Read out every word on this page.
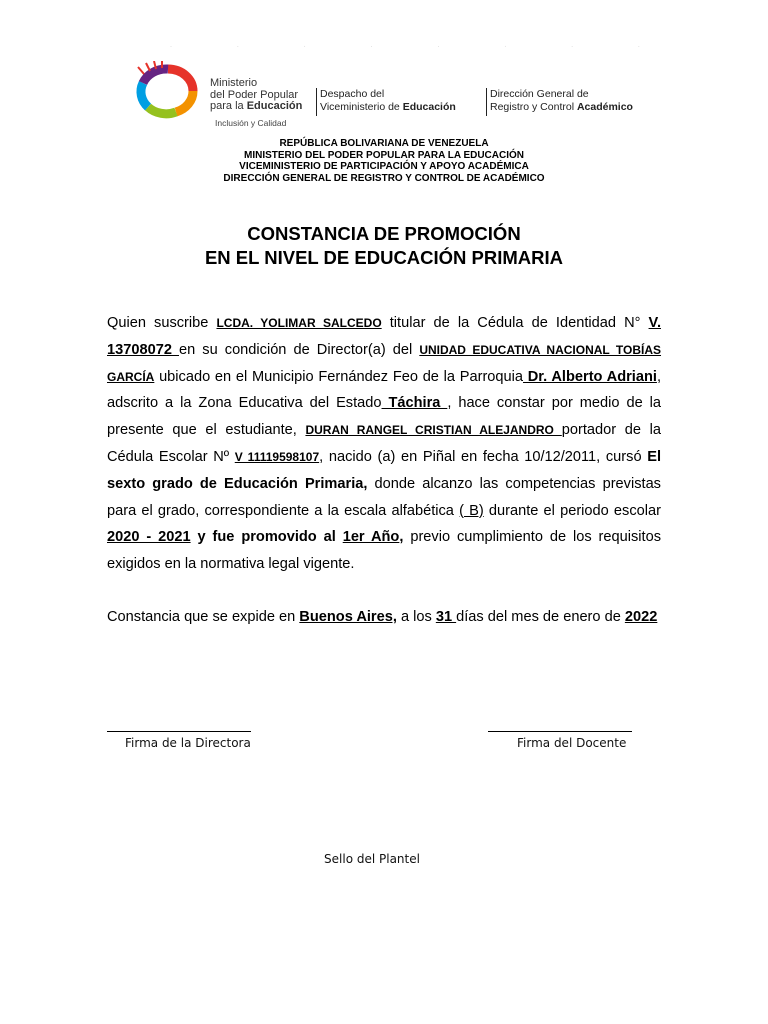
·	·	·	·	·	·	·	·
Ministerio
del Poder Popular
para la Educación
Inclusión y Calidad
Despacho del
Viceministerio de Educación
Dirección General de
Registro y Control Académico
REPÚBLICA BOLIVARIANA DE VENEZUELA
MINISTERIO DEL PODER POPULAR PARA LA EDUCACIÓN
VICEMINISTERIO DE PARTICIPACIÓN Y APOYO ACADÉMICA
DIRECCIÓN GENERAL DE REGISTRO Y CONTROL DE ACADÉMICO
CONSTANCIA DE PROMOCIÓN
EN EL NIVEL DE EDUCACIÓN PRIMARIA
Quien suscribe LCDA. YOLIMAR SALCEDO titular de la Cédula de Identidad N° V. 13708072 en su condición de Director(a) del UNIDAD EDUCATIVA NACIONAL TOBÍAS GARCÍA ubicado en el Municipio Fernández Feo de la Parroquia Dr. Alberto Adriani, adscrito a la Zona Educativa del Estado Táchira , hace constar por medio de la presente que el estudiante, DURAN RANGEL CRISTIAN ALEJANDRO portador de la Cédula Escolar Nº V 11119598107, nacido (a) en Piñal en fecha 10/12/2011, cursó El sexto grado de Educación Primaria, donde alcanzo las competencias previstas para el grado, correspondiente a la escala alfabética ( B) durante el periodo escolar 2020 - 2021 y fue promovido al 1er Año, previo cumplimiento de los requisitos exigidos en la normativa legal vigente.
Constancia que se expide en Buenos Aires, a los 31 días del mes de enero de 2022
Firma de la Directora	Firma del Docente
Sello del Plantel
